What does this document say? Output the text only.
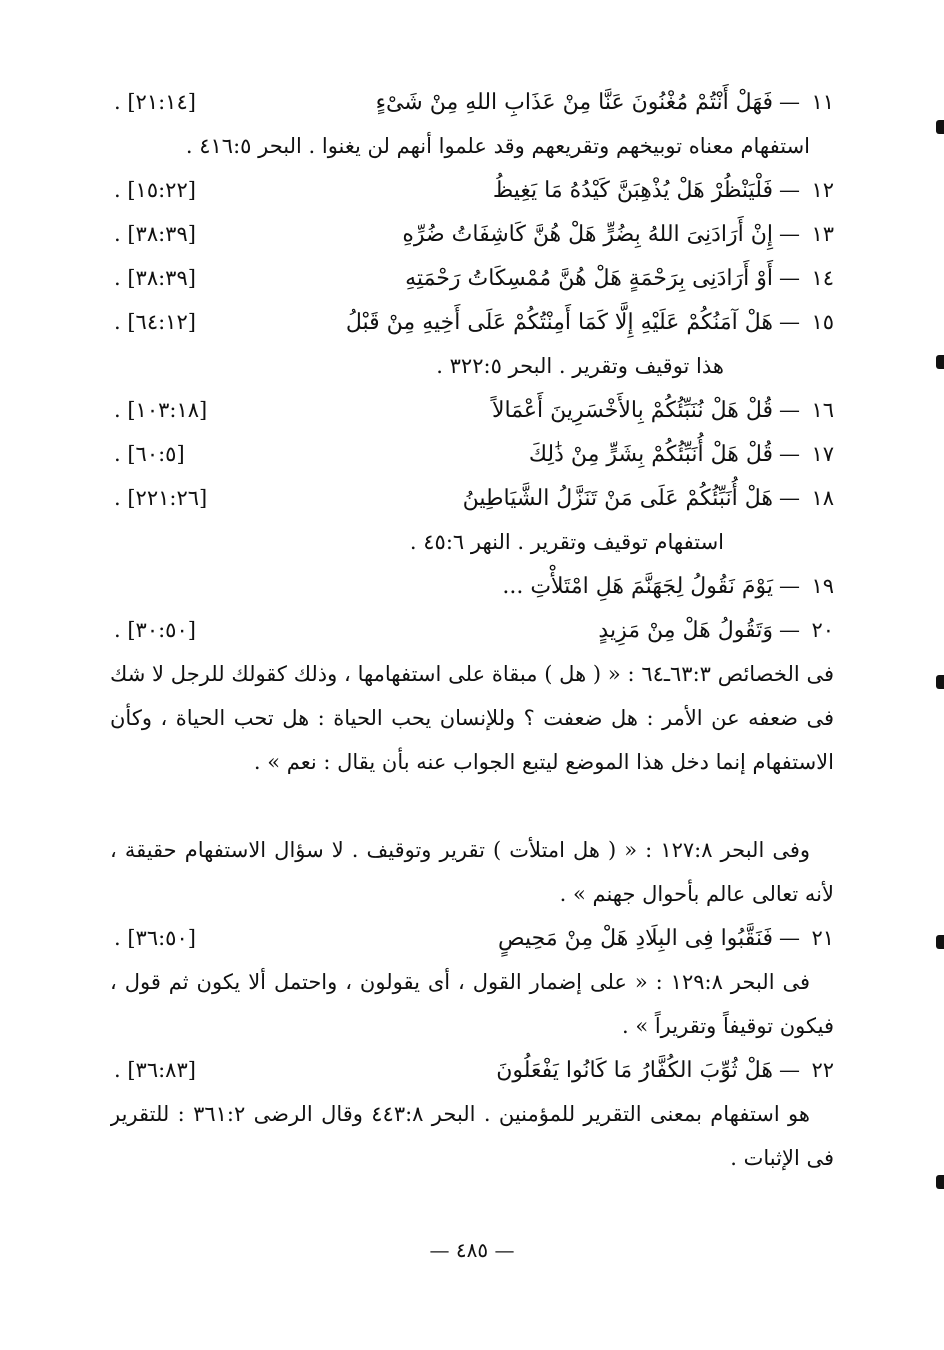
١١—فَهَلْ أَنْتُمْ مُغْنُونَ عَنَّا مِنْ عَذَابِ اللهِ مِنْ شَىْءٍ
[٢١:١٤] .
استفهام معناه توبيخهم وتقريعهم وقد علموا أنهم لن يغنوا . البحر ٤١٦:٥ .
١٢—فَلْيَنْظُرْ هَلْ يُذْهِبَنَّ كَيْدُهُ مَا يَغِيظُ
[١٥:٢٢] .
١٣—إِنْ أَرَادَنِىَ اللهُ بِضُرٍّ هَلْ هُنَّ كَاشِفَاتُ ضُرِّهِ
[٣٨:٣٩] .
١٤—أَوْ أَرَادَنِى بِرَحْمَةٍ هَلْ هُنَّ مُمْسِكَاتُ رَحْمَتِهِ
[٣٨:٣٩] .
١٥—هَلْ آمَنُكُمْ عَلَيْهِ إِلَّا كَمَا أَمِنْتُكُمْ عَلَى أَخِيهِ مِنْ قَبْلُ
[٦٤:١٢] .
هذا توقيف وتقرير . البحر ٣٢٢:٥ .
١٦—قُلْ هَلْ نُنَبِّئُكُمْ بِالأَخْسَرِينَ أَعْمَالاً
[١٠٣:١٨] .
١٧—قُلْ هَلْ أُنَبِّئُكُمْ بِشَرٍّ مِنْ ذَٰلِكَ
[٦٠:٥] .
١٨—هَلْ أُنَبِّئُكُمْ عَلَى مَنْ تَنَزَّلُ الشَّيَاطِينُ
[٢٢١:٢٦] .
استفهام توقيف وتقرير . النهر ٤٥:٦ .
١٩—يَوْمَ نَقُولُ لِجَهَنَّمَ هَلِ امْتَلأْتِ ...
٢٠—وَتَقُولُ هَلْ مِنْ مَزِيدٍ
[٣٠:٥٠] .
فى الخصائص ٦٣:٣ـ٦٤ : « ( هل ) مبقاة على استفهامها ، وذلك كقولك للرجل لا شك فى ضعفه عن الأمر : هل ضعفت ؟ وللإنسان يحب الحياة : هل تحب الحياة ، وكأن الاستفهام إنما دخل هذا الموضع ليتبع الجواب عنه بأن يقال : نعم » .
وفى البحر ١٢٧:٨ : « ( هل امتلأت ) تقرير وتوقيف . لا سؤال الاستفهام حقيقة ، لأنه تعالى عالم بأحوال جهنم » .
٢١—فَنَقَّبُوا فِى البِلَادِ هَلْ مِنْ مَحِيصٍ
[٣٦:٥٠] .
فى البحر ١٢٩:٨ : « على إضمار القول ، أى يقولون ، واحتمل ألا يكون ثم قول ، فيكون توقيفاً وتقريراً » .
٢٢—هَلْ ثُوِّبَ الكُفَّارُ مَا كَانُوا يَفْعَلُونَ
[٣٦:٨٣] .
هو استفهام بمعنى التقرير للمؤمنين . البحر ٤٤٣:٨ وقال الرضى ٣٦١:٢ : للتقرير فى الإثبات .
— ٤٨٥ —
